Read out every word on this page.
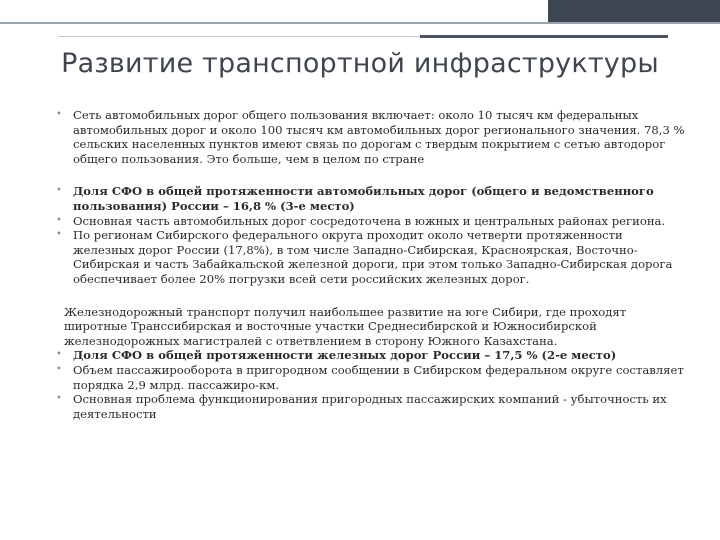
Развитие транспортной инфраструктуры
• Сеть автомобильных дорог общего пользования включает: около 10 тысяч км федеральных автомобильных дорог и около 100 тысяч км автомобильных дорог регионального значения. 78,3 % сельских населенных пунктов имеют связь по дорогам с твердым покрытием с сетью автодорог общего пользования. Это больше, чем в целом по стране
• Доля СФО в общей протяженности автомобильных дорог (общего и ведомственного пользования) России – 16,8 % (3-е место)
• Основная часть автомобильных дорог сосредоточена в южных и центральных районах региона.
• По регионам Сибирского федерального округа проходит около четверти протяженности железных дорог России (17,8%), в том числе Западно-Сибирская, Красноярская, Восточно-Сибирская и часть Забайкальской железной дороги, при этом только Западно-Сибирская дорога обеспечивает более 20% погрузки всей сети российских железных дорог.
Железнодорожный транспорт получил наибольшее развитие на юге Сибири, где проходят широтные Транссибирская и восточные участки Среднесибирской и Южносибирской железнодорожных магистралей с ответвлением в сторону Южного Казахстана.
• Доля СФО в общей протяженности железных дорог России – 17,5 % (2-е место)
• Объем пассажирооборота в пригородном сообщении в Сибирском федеральном округе составляет порядка 2,9 млрд. пассажиро-км.
• Основная проблема функционирования пригородных пассажирских компаний - убыточность их деятельности
